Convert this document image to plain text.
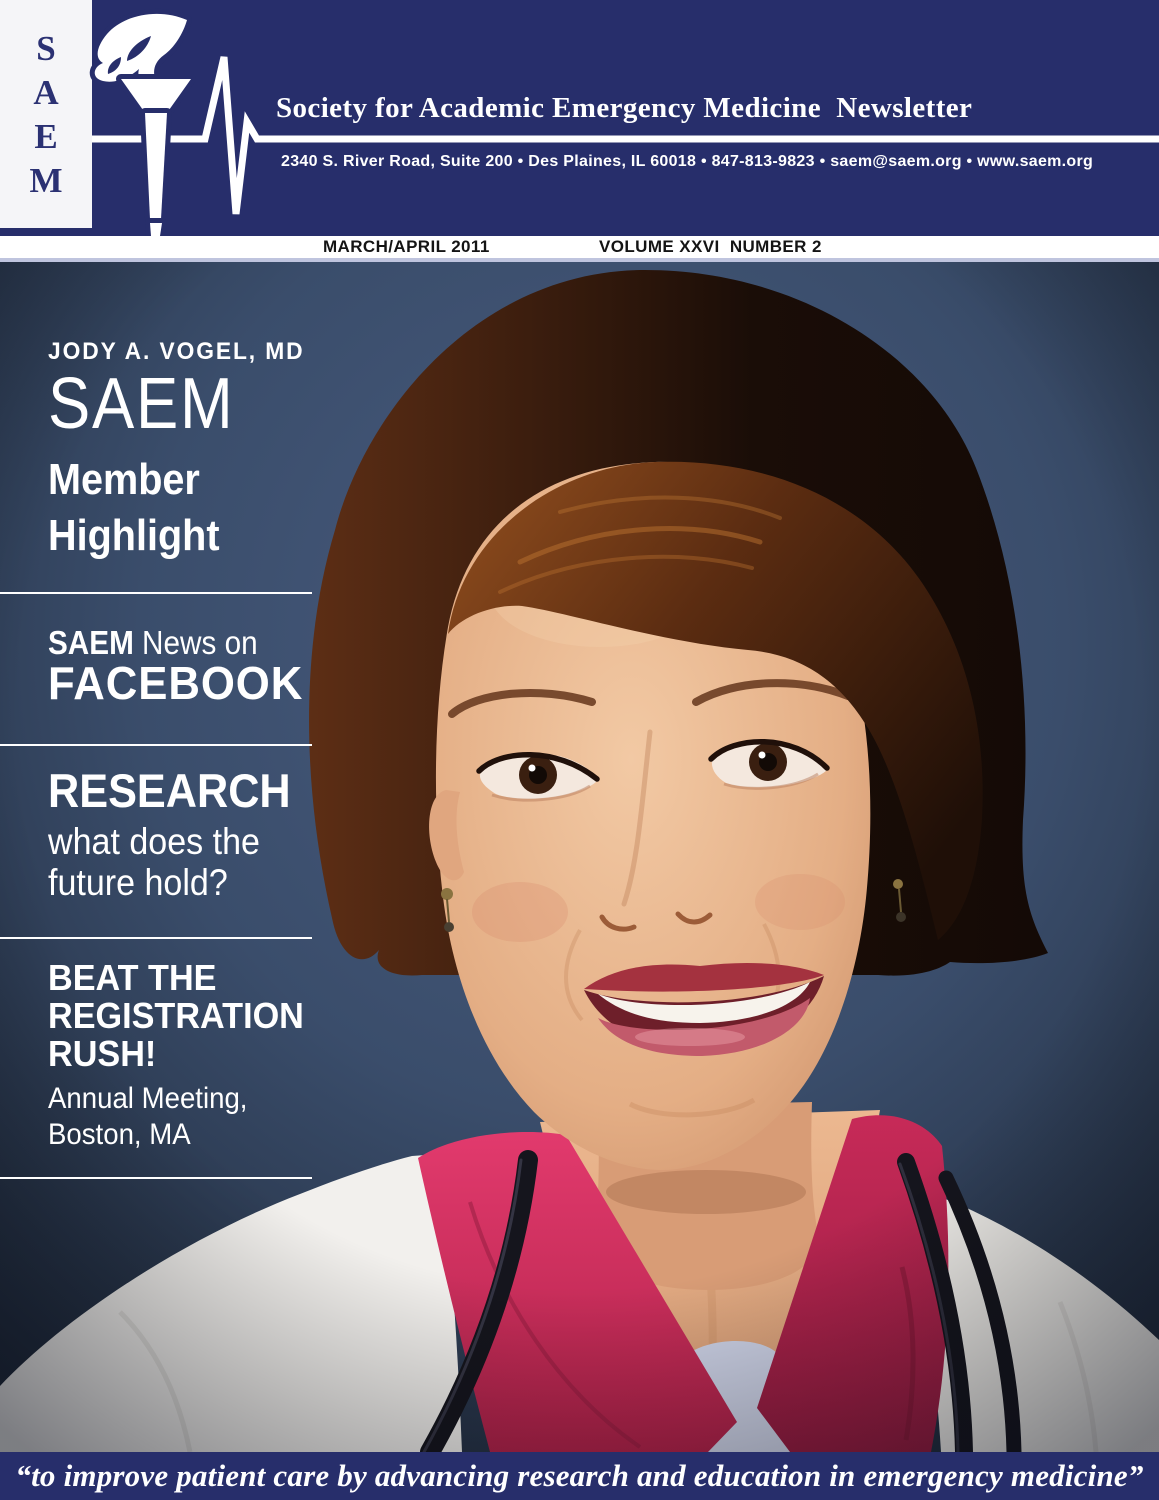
S
A
E
M
Society for Academic Emergency Medicine  Newsletter
2340 S. River Road, Suite 200 • Des Plaines, IL 60018 • 847-813-9823 • saem@saem.org • www.saem.org
MARCH/APRIL 2011	VOLUME XXVI  NUMBER 2
JODY A. VOGEL, MD
SAEM
Member
Highlight
SAEM News on
FACEBOOK
RESEARCH
what does the
future hold?
BEAT THE
REGISTRATION
RUSH!
Annual Meeting,
Boston, MA
“to improve patient care by advancing research and education in emergency medicine”
